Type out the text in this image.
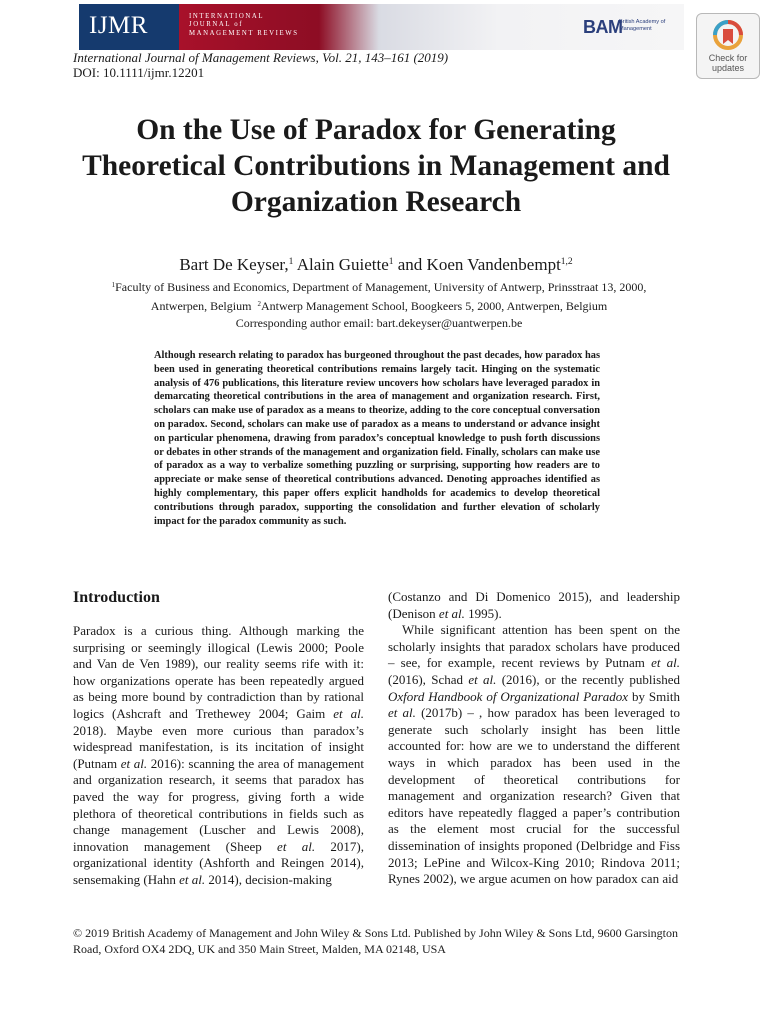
IJMR	INTERNATIONAL
JOURNAL of
MANAGEMENT REVIEWS	BAM
British Academy of Management
Check for updates
International Journal of Management Reviews, Vol. 21, 143–161 (2019)
DOI: 10.1111/ijmr.12201
On the Use of Paradox for Generating Theoretical Contributions in Management and Organization Research
Bart De Keyser,$^1$ Alain Guiette$^1$ and Koen Vandenbempt$^{1,2}$
$^1$Faculty of Business and Economics, Department of Management, University of Antwerp, Prinsstraat 13, 2000, Antwerpen, Belgium $^2$Antwerp Management School, Boogkeers 5, 2000, Antwerpen, Belgium
Corresponding author email: bart.dekeyser@uantwerpen.be
Although research relating to paradox has burgeoned throughout the past decades, how paradox has been used in generating theoretical contributions remains largely tacit. Hinging on the systematic analysis of 476 publications, this literature review uncovers how scholars have leveraged paradox in demarcating theoretical contributions in the area of management and organization research. First, scholars can make use of paradox as a means to theorize, adding to the core conceptual conversation on paradox. Second, scholars can make use of paradox as a means to understand or advance insight on particular phenomena, drawing from paradox’s conceptual knowledge to push forth discussions or debates in other strands of the management and organization field. Finally, scholars can make use of paradox as a way to verbalize something puzzling or surprising, supporting how readers are to appreciate or make sense of theoretical contributions advanced. Denoting approaches identified as highly complementary, this paper offers explicit handholds for academics to develop theoretical contributions through paradox, supporting the consolidation and further elevation of scholarly impact for the paradox community as such.
Introduction

Paradox is a curious thing. Although marking the surprising or seemingly illogical (Lewis 2000; Poole and Van de Ven 1989), our reality seems rife with it: how organizations operate has been repeatedly argued as being more bound by contradiction than by rational logics (Ashcraft and Trethewey 2004; Gaim et al. 2018). Maybe even more curious than paradox’s widespread manifestation, is its incitation of insight (Putnam et al. 2016): scanning the area of management and organization research, it seems that paradox has paved the way for progress, giving forth a wide plethora of theoretical contributions in fields such as change management (Luscher and Lewis 2008), innovation management (Sheep et al. 2017), organizational identity (Ashforth and Reingen 2014), sensemaking (Hahn et al. 2014), decision-making

(Costanzo and Di Domenico 2015), and leadership (Denison et al. 1995).

While significant attention has been spent on the scholarly insights that paradox scholars have produced – see, for example, recent reviews by Putnam et al. (2016), Schad et al. (2016), or the recently published Oxford Handbook of Organizational Paradox by Smith et al. (2017b) – , how paradox has been leveraged to generate such scholarly insight has been little accounted for: how are we to understand the different ways in which paradox has been used in the development of theoretical contributions for management and organization research? Given that editors have repeatedly flagged a paper’s contribution as the element most crucial for the successful dissemination of insights proponed (Delbridge and Fiss 2013; LePine and Wilcox-King 2010; Rindova 2011; Rynes 2002), we argue acumen on how paradox can aid

© 2019 British Academy of Management and John Wiley & Sons Ltd. Published by John Wiley & Sons Ltd, 9600 Garsington Road, Oxford OX4 2DQ, UK and 350 Main Street, Malden, MA 02148, USA
